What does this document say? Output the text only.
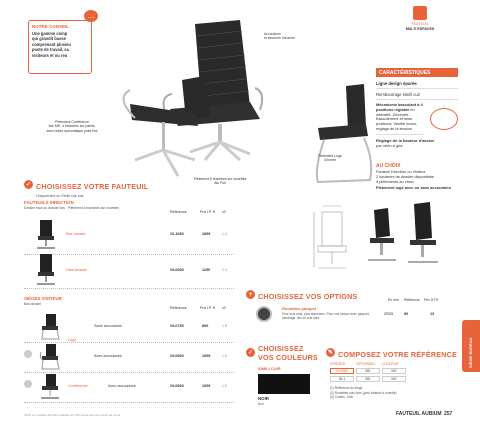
NOTRE CONSEIL
Une gamme comp
qui grandit basse
comprenant plusieu
poste de travail, sa
visiteurs et ou reu
…
FAUTEUIL
MULTI ESPACES
Accoudoirs
et structure chromés
Piétement Conférence
fixe MR, 4 branches sur patins,
avec retour automatique point fixe
Piétement 5 branches sur roulettes
Alu Poli
Piétement Luge
Chromé
CARACTÉRISTIQUES
Ligne design épurée
Rembourrage simili cuir
Mécanisme basculant à 4 positions réglable en intensité. Décentré, Basculement et mise positions, Ventilé inclus, réglage de la tension
Réglage de la hauteur d'assise
par vérin à gaz
AU CHOIX
Fauteuil Direction ou Visiteur
2 hauteurs de dossier disponibles
3 piètements au choix
Piètement luge avec ou sans accoudoirs
✓ CHOISISSEZ VOTRE FAUTEUIL
Uniquement en Simili cuir noir
FAUTEUILS DIRECTION
Dossier haut ou dossier bas · Piètement 5 branches sur roulettes
Référence	Prix HT € x3
Bas dossier	GL1080	189€	1.0
Haut dossier	GL0080	119€	2.0
SIÈGES VISITEUR
Bas dossier
Référence	Prix HT € x3
Luge
Sans accoudoirs	GL0750	89€	1.8
Avec accoudoirs	GL0800	109€	1.8
Conférence	Avec accoudoirs	GL0800	109€	1.8
+ CHOISISSEZ VOS OPTIONS	En mm Référence Prix HT €
Roulettes parquet
Pour sols durs, plus silencieux. Pour vos locaux avec parquet, carrelage, lino et sols durs.
ZR05	90	13
✓
CHOISISSEZ
VOS COULEURS
SIMILI CUIR
NOIR
Noir
✎ COMPOSEZ VOTRE RÉFÉRENCE
DOSSIER	OPTIONNEL	COULEUR
GL0080	BG	NO
GL1	BG	NO
(1) Référence du siège
(2) Roulettes sols durs (pour fauteuil à roulette)
(3) Coloris : Noir
SIÈGE BUREAU
Tarifs et modèles affichés valables au 10% dans tous les points de vente	FAUTEUIL AUBIUM 257
